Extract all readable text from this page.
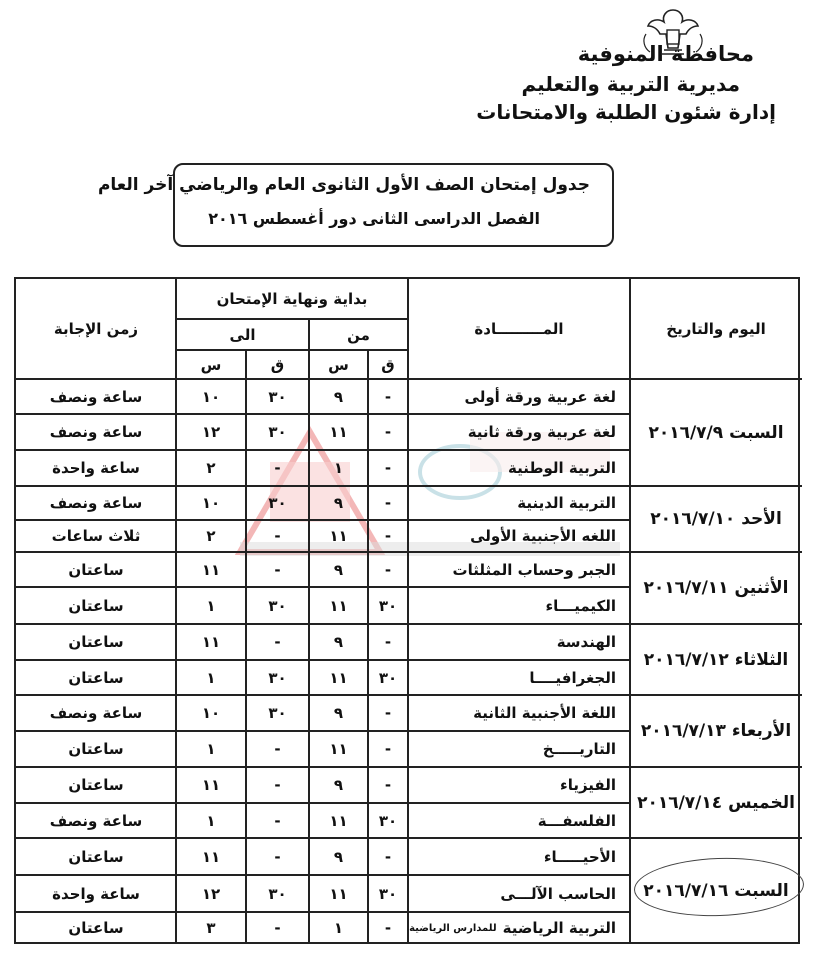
محافظة المنوفية
مديرية التربية والتعليم
إدارة شئون الطلبة والامتحانات
جدول إمتحان الصف الأول الثانوى العام والرياضي آخر العام
الفصل الدراسى الثانى دور أغسطس ٢٠١٦
اليوم والتاريخ
المـــــــــادة
بداية ونهاية الإمتحان
من
الى
ق
س
ق
س
زمن الإجابة
لغة عربية ورقة أولى
-
٩
٣٠
١٠
ساعة ونصف
لغة عربية ورقة ثانية
-
١١
٣٠
١٢
ساعة ونصف
التربية الوطنية
-
١
-
٢
ساعة واحدة
التربية الدينية
-
٩
٣٠
١٠
ساعة ونصف
اللغه الأجنبية الأولى
-
١١
-
٢
ثلاث ساعات
الجبر وحساب المثلثات
-
٩
-
١١
ساعتان
الكيميـــاء
٣٠
١١
٣٠
١
ساعتان
الهندسة
-
٩
-
١١
ساعتان
الجغرافيــــا
٣٠
١١
٣٠
١
ساعتان
اللغة الأجنبية الثانية
-
٩
٣٠
١٠
ساعة ونصف
التاريـــــخ
-
١١
-
١
ساعتان
الفيزياء
-
٩
-
١١
ساعتان
الفلسفـــة
٣٠
١١
-
١
ساعة ونصف
الأحيـــــاء
-
٩
-
١١
ساعتان
الحاسب الآلـــى
٣٠
١١
٣٠
١٢
ساعة واحدة
للمدارس الرياضية التربية الرياضية
-
١
-
٣
ساعتان
السبت ٢٠١٦/٧/٩
الأحد ٢٠١٦/٧/١٠
الأثنين ٢٠١٦/٧/١١
الثلاثاء ٢٠١٦/٧/١٢
الأربعاء ٢٠١٦/٧/١٣
الخميس ٢٠١٦/٧/١٤
السبت ٢٠١٦/٧/١٦
